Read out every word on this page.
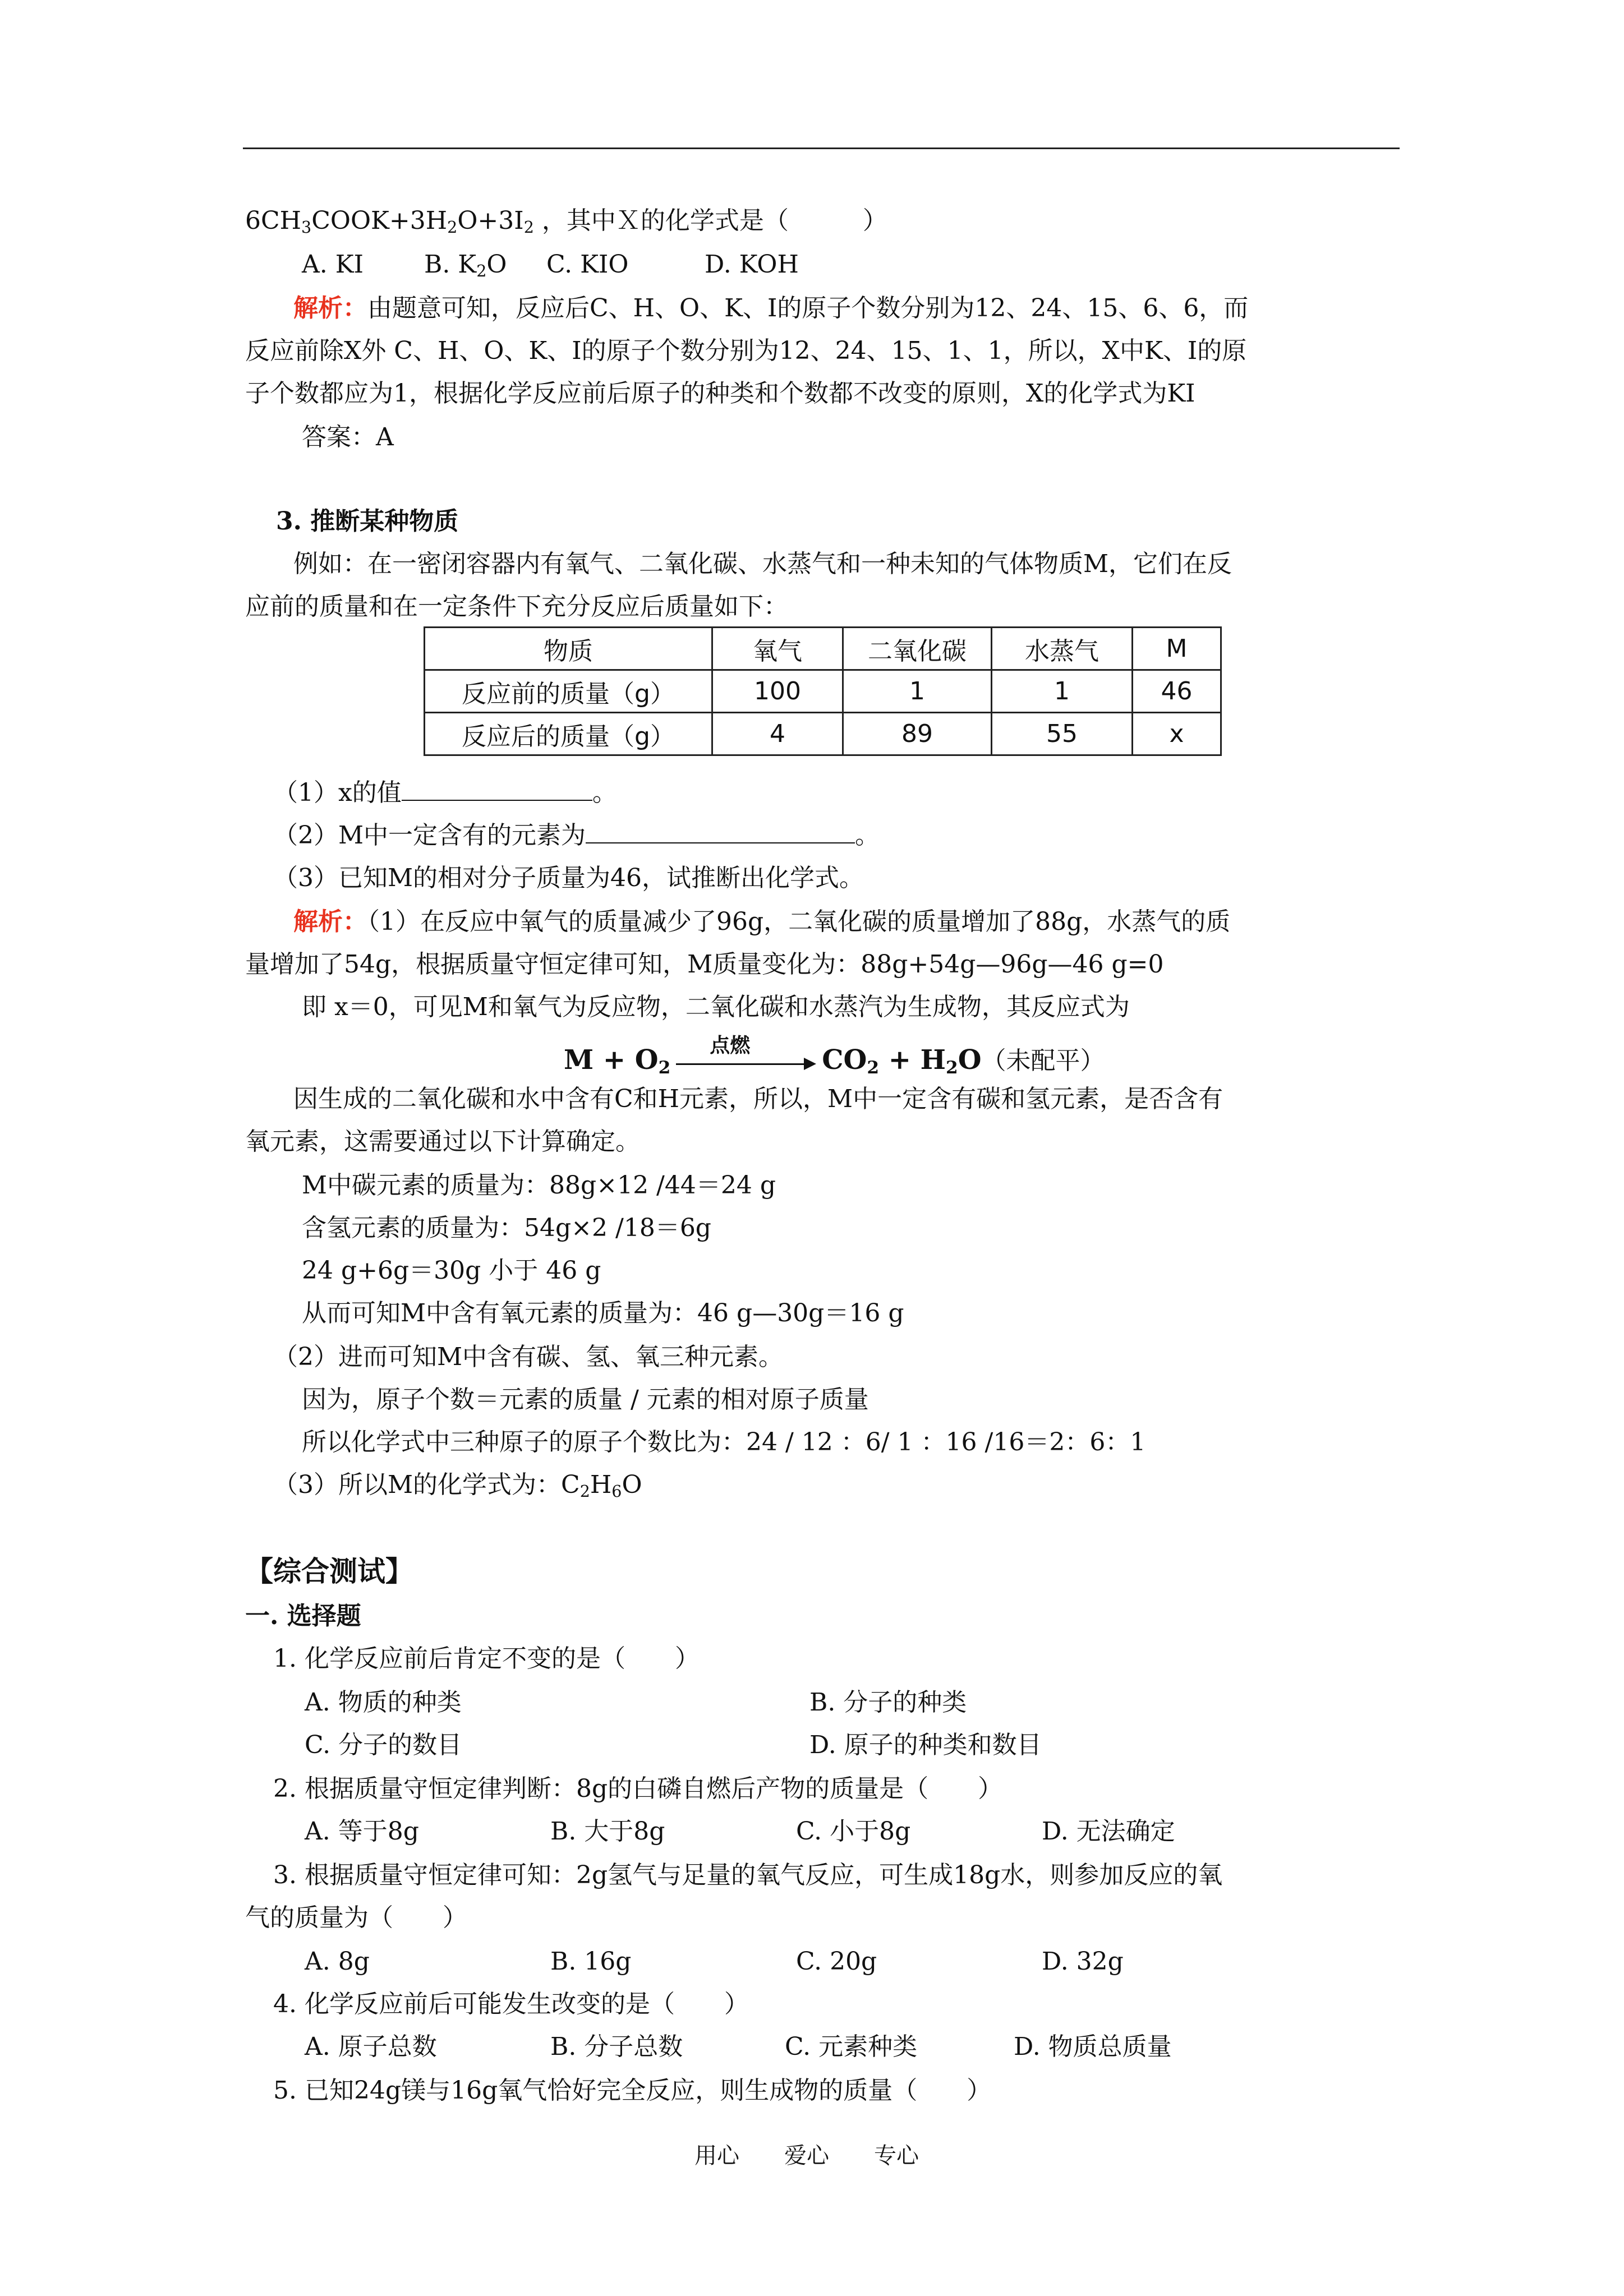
$6CH_3COOK+3H_2O+3I_2$ ，其中Ｘ的化学式是（　　　）
A. KI B. $K_2O$ C. KIO	D. KOH
解析：由题意可知，反应后C、H、O、K、I的原子个数分别为12、24、15、6、6，而
反应前除X外 C、H、O、K、I的原子个数分别为12、24、15、1、1，所以，X中K、I的原
子个数都应为1，根据化学反应前后原子的种类和个数都不改变的原则，X的化学式为KI
答案：A
3. 推断某种物质
例如：在一密闭容器内有氧气、二氧化碳、水蒸气和一种未知的气体物质M，它们在反
应前的质量和在一定条件下充分反应后质量如下：
物质	氧气	二氧化碳	水蒸气	M
反应前的质量（g）	100	1	1	46
反应后的质量（g）	4	89	55	x
（1）x的值	。
（2）M中一定含有的元素为	。
（3）已知M的相对分子质量为46，试推断出化学式。
解析：（1）在反应中氧气的质量减少了96g，二氧化碳的质量增加了88g，水蒸气的质
量增加了54g，根据质量守恒定律可知，M质量变化为：88g+54g—96g—46 g=0
即 x＝0，可见M和氧气为反应物，二氧化碳和水蒸汽为生成物，其反应式为
$M + O_2$
点燃	$CO_2 + H_2O$（未配平）
因生成的二氧化碳和水中含有C和H元素，所以，M中一定含有碳和氢元素，是否含有
氧元素，这需要通过以下计算确定。
M中碳元素的质量为：88g×12 /44＝24 g
含氢元素的质量为：54g×2 /18＝6g
24 g+6g＝30g 小于 46 g
从而可知M中含有氧元素的质量为：46 g—30g＝16 g
（2）进而可知M中含有碳、氢、氧三种元素。
因为，原子个数＝元素的质量 / 元素的相对原子质量
所以化学式中三种原子的原子个数比为：24 / 12 ：6/ 1 ：16 /16＝2：6：1
（3）所以M的化学式为：$C_2H_6O$
【综合测试】
一. 选择题
1. 化学反应前后肯定不变的是（　　）
A. 物质的种类	B. 分子的种类
C. 分子的数目	D. 原子的种类和数目
2. 根据质量守恒定律判断：8g的白磷自燃后产物的质量是（　　）
A. 等于8g	B. 大于8g	C. 小于8g	D. 无法确定
3. 根据质量守恒定律可知：2g氢气与足量的氧气反应，可生成18g水，则参加反应的氧
气的质量为（　　）
A. 8g	B. 16g	C. 20g	D. 32g
4. 化学反应前后可能发生改变的是（　　）
A. 原子总数	B. 分子总数	C. 元素种类	D. 物质总质量
5. 已知24g镁与16g氧气恰好完全反应，则生成物的质量（　　）
用心　　爱心　　专心
